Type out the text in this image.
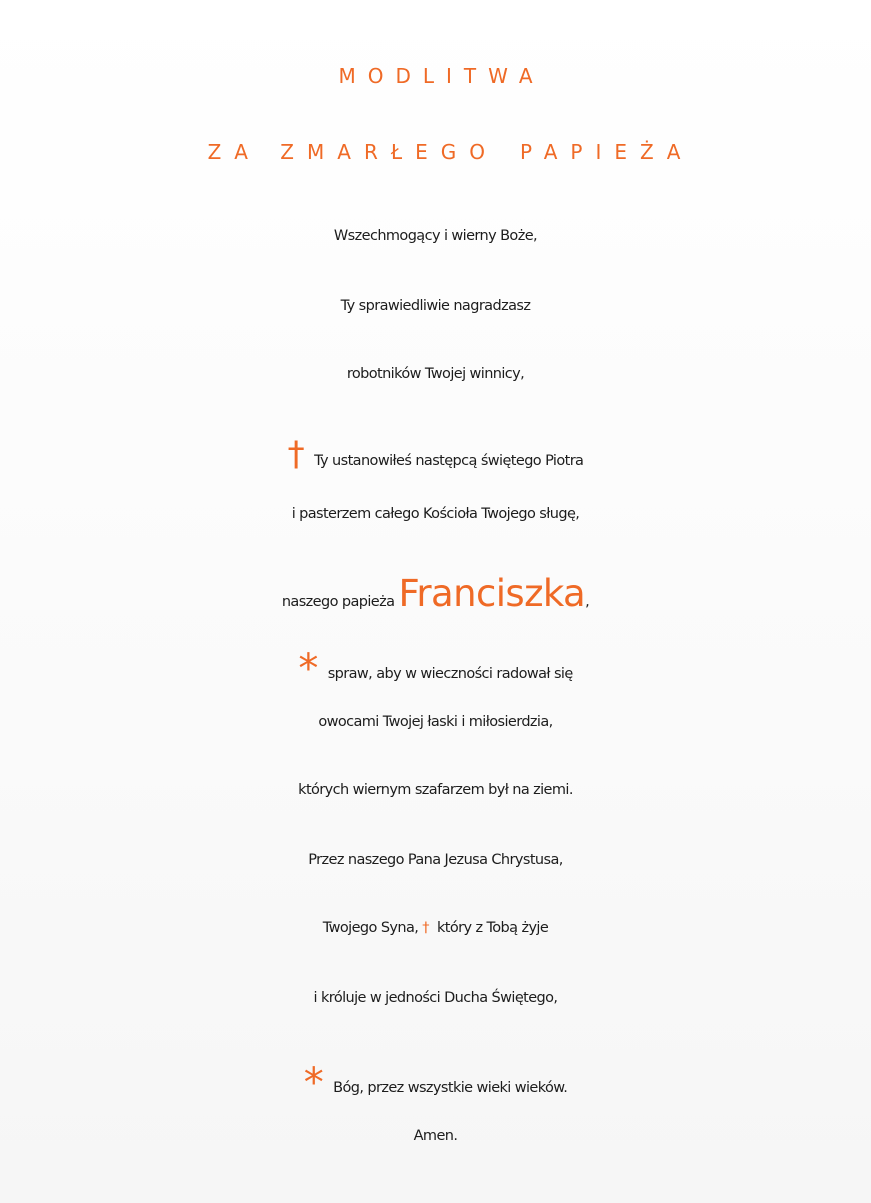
MODLITWA
ZA ZMARŁEGO PAPIEŻA
Wszechmogący i wierny Boże,
Ty sprawiedliwie nagradzasz
robotników Twojej winnicy,
† Ty ustanowiłeś następcą świętego Piotra
i pasterzem całego Kościoła Twojego sługę,
naszego papieża Franciszka,
* spraw, aby w wieczności radował się
owocami Twojej łaski i miłosierdzia,
których wiernym szafarzem był na ziemi.
Przez naszego Pana Jezusa Chrystusa,
Twojego Syna, † który z Tobą żyje
i króluje w jedności Ducha Świętego,
* Bóg, przez wszystkie wieki wieków.
Amen.
